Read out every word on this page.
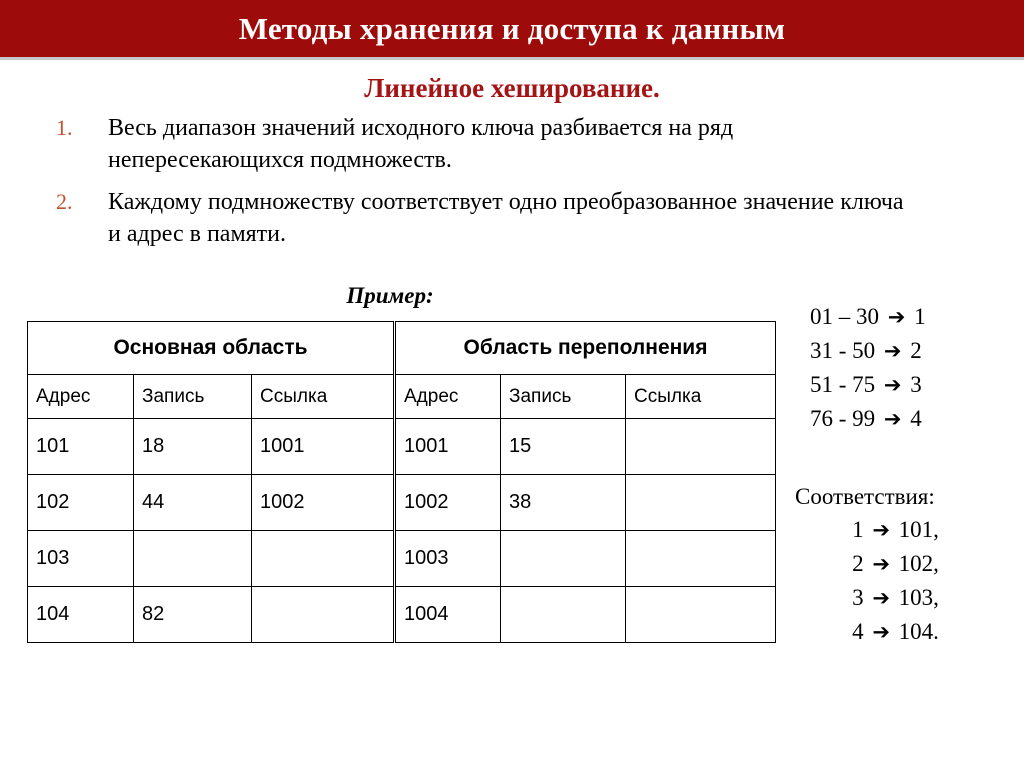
Методы хранения и доступа к данным
Линейное хеширование.
1.	Весь диапазон значений исходного ключа разбивается на ряд непересекающихся подмножеств.
2.	Каждому подмножеству соответствует одно преобразованное значение ключа и адрес в памяти.
Пример:
Основная область			Область переполнения		
Адрес	Запись	Ссылка	Адрес	Запись	Ссылка
101	18	1001	1001	15	
102	44	1002	1002	38	
103			1003		
104	82		1004		
01 – 30 ➔ 1
31 - 50 ➔ 2
51 - 75 ➔ 3
76 - 99 ➔ 4
Соответствия:
1 ➔ 101,
2 ➔ 102,
3 ➔ 103,
4 ➔ 104.
